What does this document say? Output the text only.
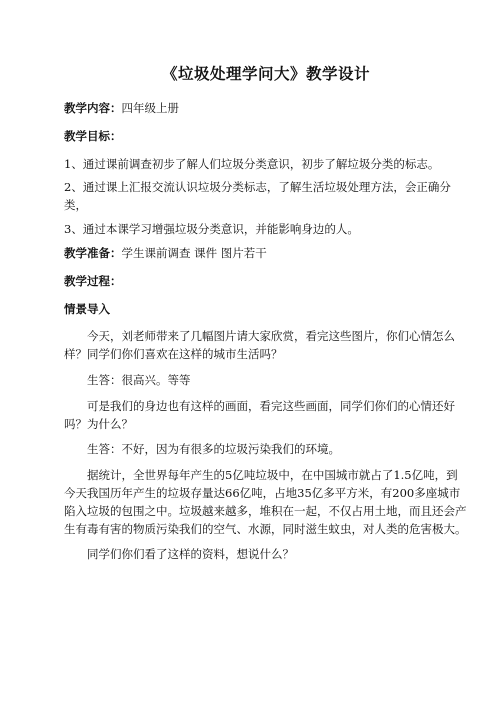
《垃圾处理学问大》教学设计
教学内容：四年级上册
教学目标：
1、通过课前调查初步了解人们垃圾分类意识，初步了解垃圾分类的标志。
2、通过课上汇报交流认识垃圾分类标志，了解生活垃圾处理方法，会正确分类，
3、通过本课学习增强垃圾分类意识，并能影响身边的人。
教学准备：学生课前调查 课件 图片若干
教学过程：
情景导入
今天，刘老师带来了几幅图片请大家欣赏，看完这些图片，你们心情怎么样？同学们你们喜欢在这样的城市生活吗？
生答：很高兴。等等
可是我们的身边也有这样的画面，看完这些画面，同学们你们的心情还好吗？为什么？
生答：不好，因为有很多的垃圾污染我们的环境。
据统计，全世界每年产生的5亿吨垃圾中，在中国城市就占了1.5亿吨，到今天我国历年产生的垃圾存量达66亿吨，占地35亿多平方米，有200多座城市陷入垃圾的包围之中。垃圾越来越多，堆积在一起，不仅占用土地，而且还会产生有毒有害的物质污染我们的空气、水源，同时滋生蚊虫，对人类的危害极大。
同学们你们看了这样的资料，想说什么？
